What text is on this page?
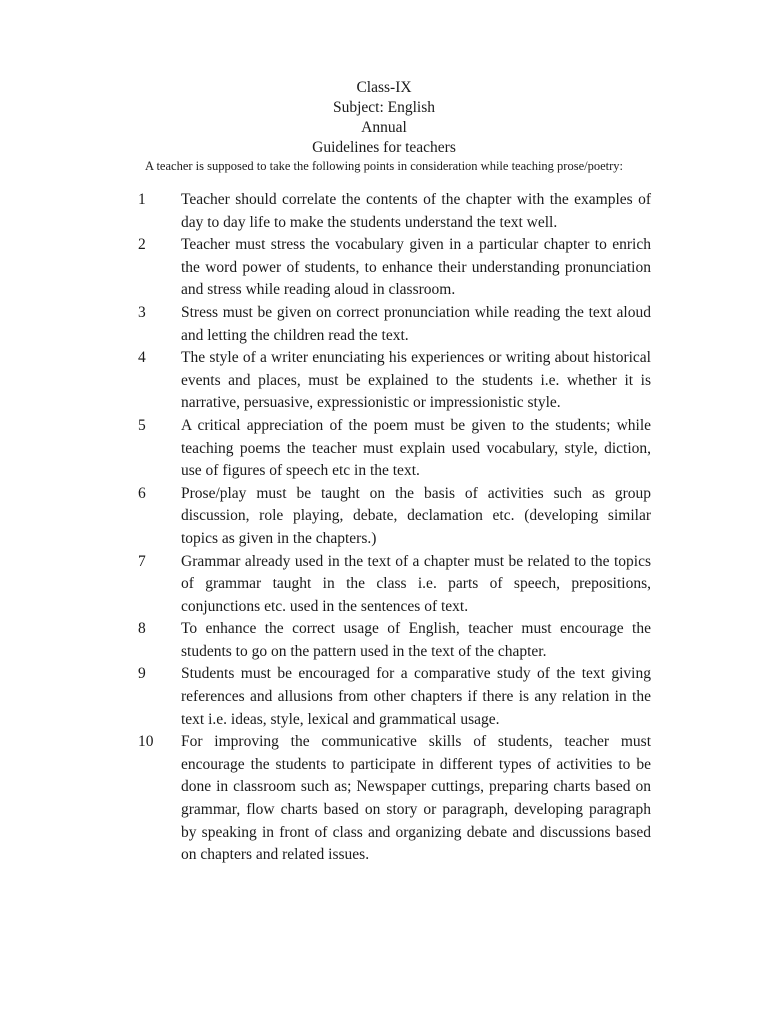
Class-IX
Subject: English
Annual
Guidelines for teachers
A teacher is supposed to take the following points in consideration while teaching prose/poetry:
1	Teacher should correlate the contents of the chapter with the examples of day to day life to make the students understand the text well.
2	Teacher must stress the vocabulary given in a particular chapter to enrich the word power of students, to enhance their understanding pronunciation and stress while reading aloud in classroom.
3	Stress must be given on correct pronunciation while reading the text aloud and letting the children read the text.
4	The style of a writer enunciating his experiences or writing about historical events and places, must be explained to the students i.e. whether it is narrative, persuasive, expressionistic or impressionistic style.
5	A critical appreciation of the poem must be given to the students; while teaching poems the teacher must explain used vocabulary, style, diction, use of figures of speech etc in the text.
6	Prose/play must be taught on the basis of activities such as group discussion, role playing, debate, declamation etc. (developing similar topics as given in the chapters.)
7	Grammar already used in the text of a chapter must be related to the topics of grammar taught in the class i.e. parts of speech, prepositions, conjunctions etc. used in the sentences of text.
8	To enhance the correct usage of English, teacher must encourage the students to go on the pattern used in the text of the chapter.
9	Students must be encouraged for a comparative study of the text giving references and allusions from other chapters if there is any relation in the text i.e. ideas, style, lexical and grammatical usage.
10	For improving the communicative skills of students, teacher must encourage the students to participate in different types of activities to be done in classroom such as; Newspaper cuttings, preparing charts based on grammar, flow charts based on story or paragraph, developing paragraph by speaking in front of class and organizing debate and discussions based on chapters and related issues.
